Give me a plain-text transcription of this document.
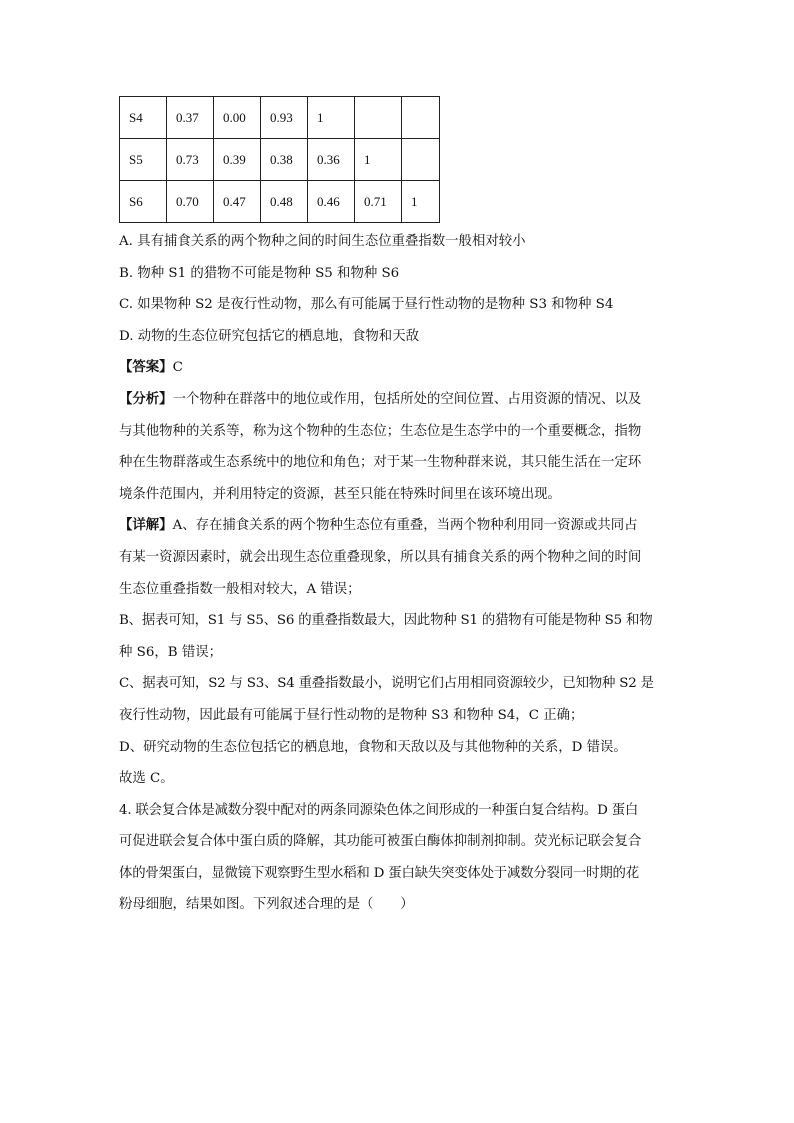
S4	0.37	0.00	0.93	1		
S5	0.73	0.39	0.38	0.36	1	
S6	0.70	0.47	0.48	0.46	0.71	1

A. 具有捕食关系的两个物种之间的时间生态位重叠指数一般相对较小

B. 物种 S1 的猎物不可能是物种 S5 和物种 S6

C. 如果物种 S2 是夜行性动物，那么有可能属于昼行性动物的是物种 S3 和物种 S4

D. 动物的生态位研究包括它的栖息地，食物和天敌

【答案】C

【分析】一个物种在群落中的地位或作用，包括所处的空间位置、占用资源的情况、以及

与其他物种的关系等，称为这个物种的生态位；生态位是生态学中的一个重要概念，指物

种在生物群落或生态系统中的地位和角色；对于某一生物种群来说，其只能生活在一定环

境条件范围内，并利用特定的资源，甚至只能在特殊时间里在该环境出现。

【详解】A、存在捕食关系的两个物种生态位有重叠，当两个物种利用同一资源或共同占

有某一资源因素时，就会出现生态位重叠现象，所以具有捕食关系的两个物种之间的时间

生态位重叠指数一般相对较大，A 错误；

B、据表可知，S1 与 S5、S6 的重叠指数最大，因此物种 S1 的猎物有可能是物种 S5 和物

种 S6，B 错误；

C、据表可知，S2 与 S3、S4 重叠指数最小，说明它们占用相同资源较少，已知物种 S2 是

夜行性动物，因此最有可能属于昼行性动物的是物种 S3 和物种 S4，C 正确；

D、研究动物的生态位包括它的栖息地，食物和天敌以及与其他物种的关系，D 错误。

故选 C。

4. 联会复合体是减数分裂中配对的两条同源染色体之间形成的一种蛋白复合结构。D 蛋白

可促进联会复合体中蛋白质的降解，其功能可被蛋白酶体抑制剂抑制。荧光标记联会复合

体的骨架蛋白，显微镜下观察野生型水稻和 D 蛋白缺失突变体处于减数分裂同一时期的花

粉母细胞，结果如图。下列叙述合理的是（　　）
